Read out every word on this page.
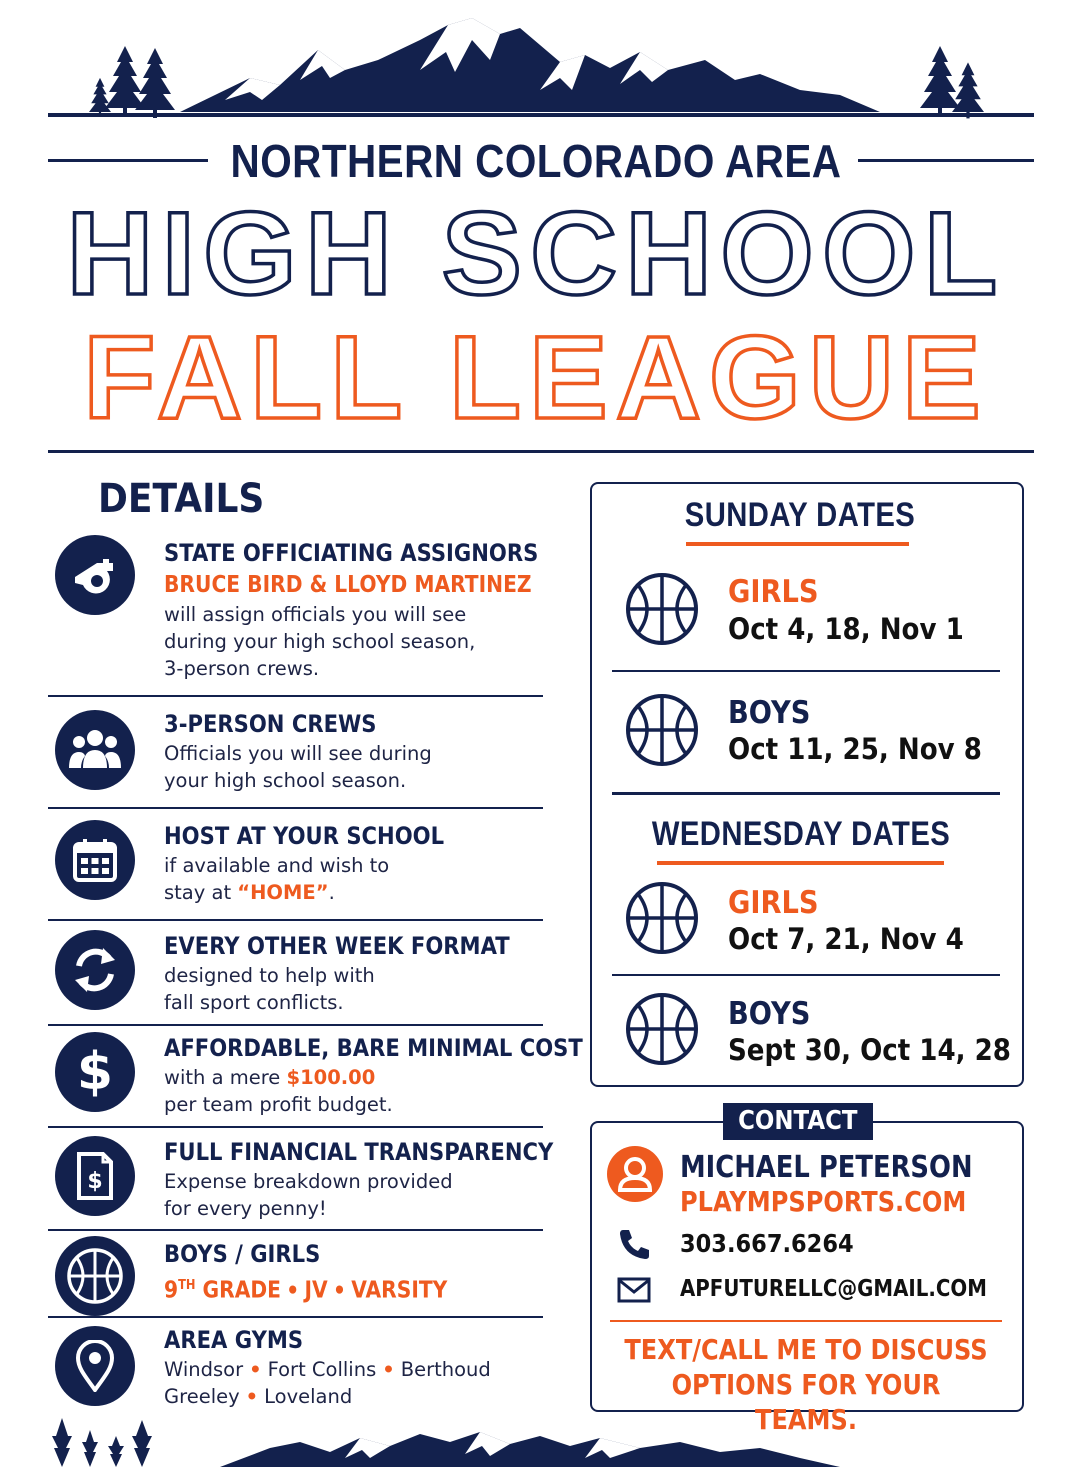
NORTHERN COLORADO AREA
HIGH SCHOOL
FALL LEAGUE
DETAILS
STATE OFFICIATING ASSIGNORS
BRUCE BIRD & LLOYD MARTINEZ
will assign officials you will see
during your high school season,
3-person crews.
3-PERSON CREWS
Officials you will see during
your high school season.
HOST AT YOUR SCHOOL
if available and wish to
stay at “HOME”.
EVERY OTHER WEEK FORMAT
designed to help with
fall sport conflicts.
$ AFFORDABLE, BARE MINIMAL COST
with a mere $100.00
per team profit budget.
$
FULL FINANCIAL TRANSPARENCY
Expense breakdown provided
for every penny!
BOYS / GIRLS
9TH GRADE • JV • VARSITY
AREA GYMS
Windsor • Fort Collins • Berthoud
Greeley • Loveland
SUNDAY DATES
GIRLS
Oct 4, 18, Nov 1
BOYS
Oct 11, 25, Nov 8
WEDNESDAY DATES
GIRLS
Oct 7, 21, Nov 4
BOYS
Sept 30, Oct 14, 28
CONTACT
MICHAEL PETERSON
PLAYMPSPORTS.COM
303.667.6264
APFUTURELLC@GMAIL.COM
TEXT/CALL ME TO DISCUSS
OPTIONS FOR YOUR TEAMS.
